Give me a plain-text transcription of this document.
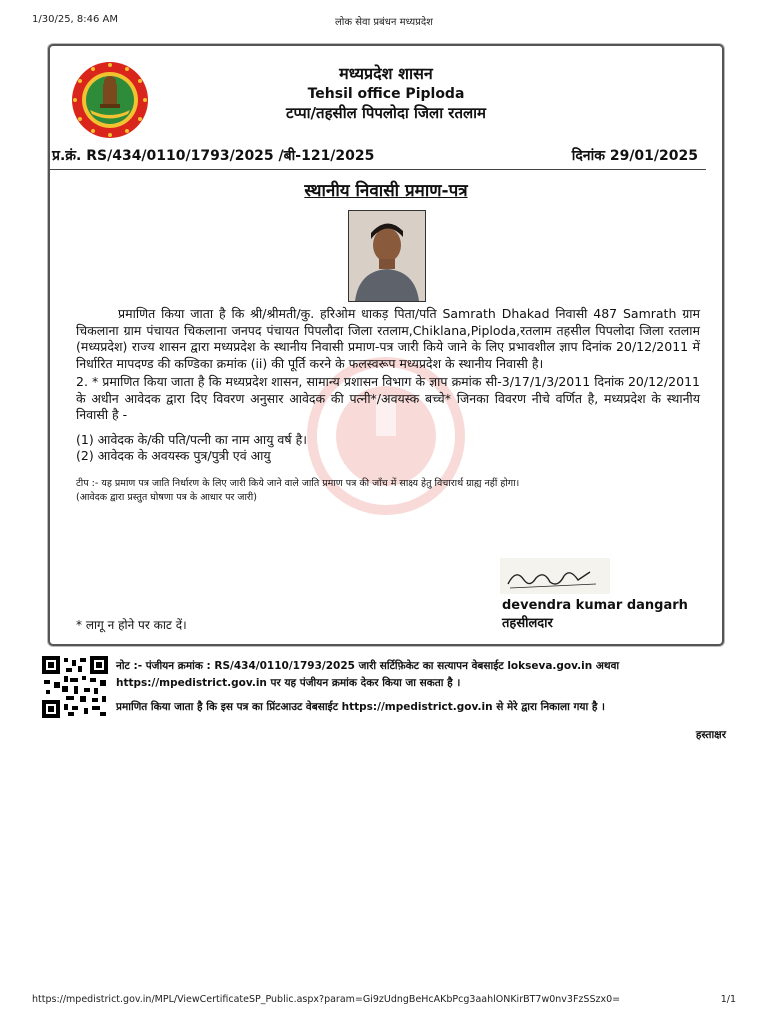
1/30/25, 8:46 AM	लोक सेवा प्रबंधन मध्यप्रदेश
मध्यप्रदेश शासन
Tehsil office Piploda
टप्पा/तहसील पिपलोदा जिला रतलाम
प्र.क्रं. RS/434/0110/1793/2025 /बी-121/2025	दिनांक 29/01/2025
स्थानीय निवासी प्रमाण-पत्र

प्रमाणित किया जाता है कि श्री/श्रीमती/कु. हरिओम धाकड़ पिता/पति Samrath Dhakad निवासी 487 Samrath ग्राम चिकलाना ग्राम पंचायत चिकलाना जनपद पंचायत पिपलौदा जिला रतलाम,Chiklana,Piploda,रतलाम तहसील पिपलोदा जिला रतलाम (मध्यप्रदेश) राज्य शासन द्वारा मध्यप्रदेश के स्थानीय निवासी प्रमाण-पत्र जारी किये जाने के लिए प्रभावशील ज्ञाप दिनांक 20/12/2011 में निर्धारित मापदण्ड की कण्डिका क्रमांक (ii) की पूर्ति करने के फलस्वरूप मध्यप्रदेश के स्थानीय निवासी है।

2. * प्रमाणित किया जाता है कि मध्यप्रदेश शासन, सामान्य प्रशासन विभाग के ज्ञाप क्रमांक सी-3/17/1/3/2011 दिनांक 20/12/2011 के अधीन आवेदक द्वारा दिए विवरण अनुसार आवेदक की पत्नी*/अवयस्क बच्चे* जिनका विवरण नीचे वर्णित है, मध्यप्रदेश के स्थानीय निवासी है -

(1) आवेदक के/की पति/पत्नी का नाम आयु वर्ष है।
(2) आवेदक के अवयस्क पुत्र/पुत्री एवं आयु
टीप :- यह प्रमाण पत्र जाति निर्धारण के लिए जारी किये जाने वाले जाति प्रमाण पत्र की जाँच में साक्ष्य हेतु विचारार्थ ग्राह्य नहीं होगा।
(आवेदक द्वारा प्रस्तुत घोषणा पत्र के आधार पर जारी)
devendra kumar dangarh
तहसीलदार
* लागू न होने पर काट दें।
नोट :- पंजीयन क्रमांक : RS/434/0110/1793/2025 जारी सर्टिफ़िकेट का सत्यापन वेबसाईट lokseva.gov.in अथवा https://mpedistrict.gov.in पर यह पंजीयन क्रमांक देकर किया जा सकता है ।
प्रमाणित किया जाता है कि इस पत्र का प्रिंटआउट वेबसाईट https://mpedistrict.gov.in से मेरे द्वारा निकाला गया है ।
हस्ताक्षर
https://mpedistrict.gov.in/MPL/ViewCertificateSP_Public.aspx?param=Gi9zUdngBeHcAKbPcg3aahlONKirBT7w0nv3FzSSzx0=	1/1
